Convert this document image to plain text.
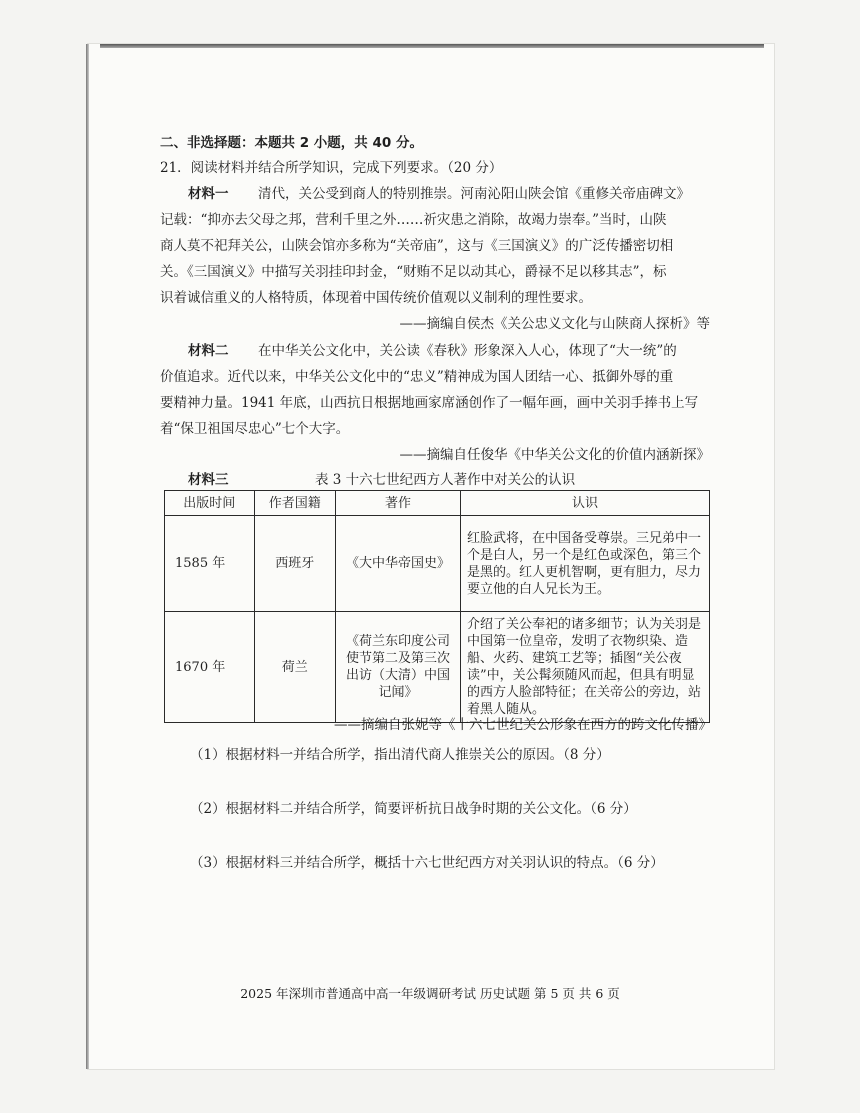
二、非选择题：本题共 2 小题，共 40 分。
21．阅读材料并结合所学知识，完成下列要求。（20 分）
材料一 清代，关公受到商人的特别推崇。河南沁阳山陕会馆《重修关帝庙碑文》
记载：“抑亦去父母之邦，营利千里之外……祈灾患之消除，故竭力崇奉。”当时，山陕
商人莫不祀拜关公，山陕会馆亦多称为“关帝庙”，这与《三国演义》的广泛传播密切相
关。《三国演义》中描写关羽挂印封金，“财贿不足以动其心，爵禄不足以移其志”，标
识着诚信重义的人格特质，体现着中国传统价值观以义制利的理性要求。
——摘编自侯杰《关公忠义文化与山陕商人探析》等
材料二 在中华关公文化中，关公读《春秋》形象深入人心，体现了“大一统”的
价值追求。近代以来，中华关公文化中的“忠义”精神成为国人团结一心、抵御外辱的重
要精神力量。1941 年底，山西抗日根据地画家席涵创作了一幅年画，画中关羽手捧书上写
着“保卫祖国尽忠心”七个大字。
——摘编自任俊华《中华关公文化的价值内涵新探》
材料三	表 3 十六七世纪西方人著作中对关公的认识
出版时间	作者国籍	著作	认识
1585 年	西班牙	《大中华帝国史》	红脸武将，在中国备受尊崇。三兄弟中一个是白人，另一个是红色或深色，第三个是黑的。红人更机智啊，更有胆力，尽力要立他的白人兄长为王。

1670 年	荷兰	《荷兰东印度公司使节第二及第三次出访（大清）中国记闻》	介绍了关公奉祀的诸多细节；认为关羽是中国第一位皇帝，发明了衣物织染、造船、火药、建筑工艺等；插图“关公夜读”中，关公髯须随风而起，但具有明显的西方人脸部特征；在关帝公的旁边，站着黑人随从。
——摘编自张妮等《十六七世纪关公形象在西方的跨文化传播》
（1）根据材料一并结合所学，指出清代商人推崇关公的原因。（8 分）
（2）根据材料二并结合所学，简要评析抗日战争时期的关公文化。（6 分）
（3）根据材料三并结合所学，概括十六七世纪西方对关羽认识的特点。（6 分）
2025 年深圳市普通高中高一年级调研考试 历史试题 第 5 页 共 6 页
